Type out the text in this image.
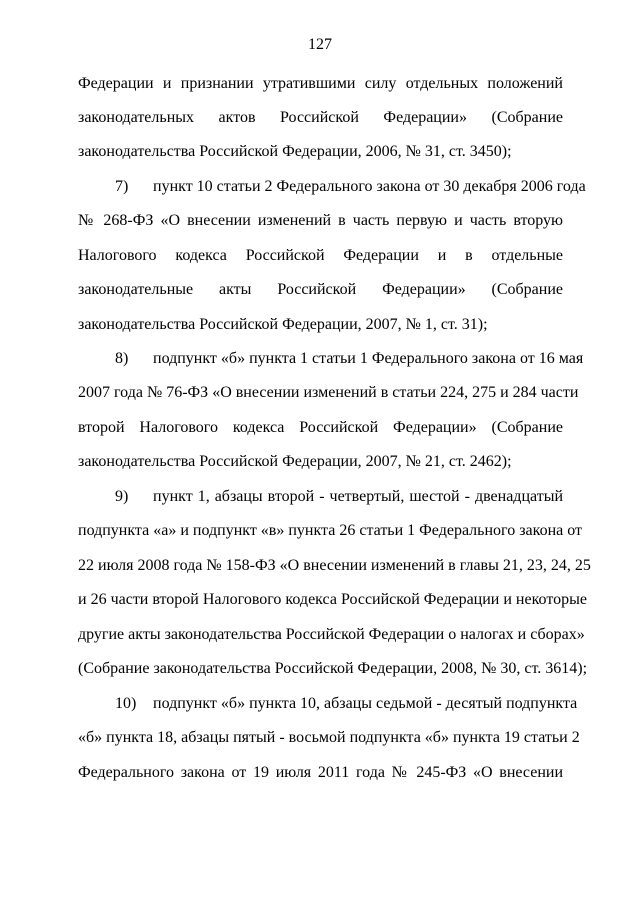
127
Федерации и признании утратившими силу отдельных положений
законодательных актов Российской Федерации» (Собрание
законодательства Российской Федерации, 2006, № 31, ст. 3450);
7) пункт 10 статьи 2 Федерального закона от 30 декабря 2006 года
№ 268-ФЗ «О внесении изменений в часть первую и часть вторую
Налогового кодекса Российской Федерации и в отдельные
законодательные акты Российской Федерации» (Собрание
законодательства Российской Федерации, 2007, № 1, ст. 31);
8) подпункт «б» пункта 1 статьи 1 Федерального закона от 16 мая
2007 года № 76-ФЗ «О внесении изменений в статьи 224, 275 и 284 части
второй Налогового кодекса Российской Федерации» (Собрание
законодательства Российской Федерации, 2007, № 21, ст. 2462);
9) пункт 1, абзацы второй - четвертый, шестой - двенадцатый
подпункта «а» и подпункт «в» пункта 26 статьи 1 Федерального закона от
22 июля 2008 года № 158-ФЗ «О внесении изменений в главы 21, 23, 24, 25
и 26 части второй Налогового кодекса Российской Федерации и некоторые
другие акты законодательства Российской Федерации о налогах и сборах»
(Собрание законодательства Российской Федерации, 2008, № 30, ст. 3614);
10) подпункт «б» пункта 10, абзацы седьмой - десятый подпункта
«б» пункта 18, абзацы пятый - восьмой подпункта «б» пункта 19 статьи 2
Федерального закона от 19 июля 2011 года № 245-ФЗ «О внесении
